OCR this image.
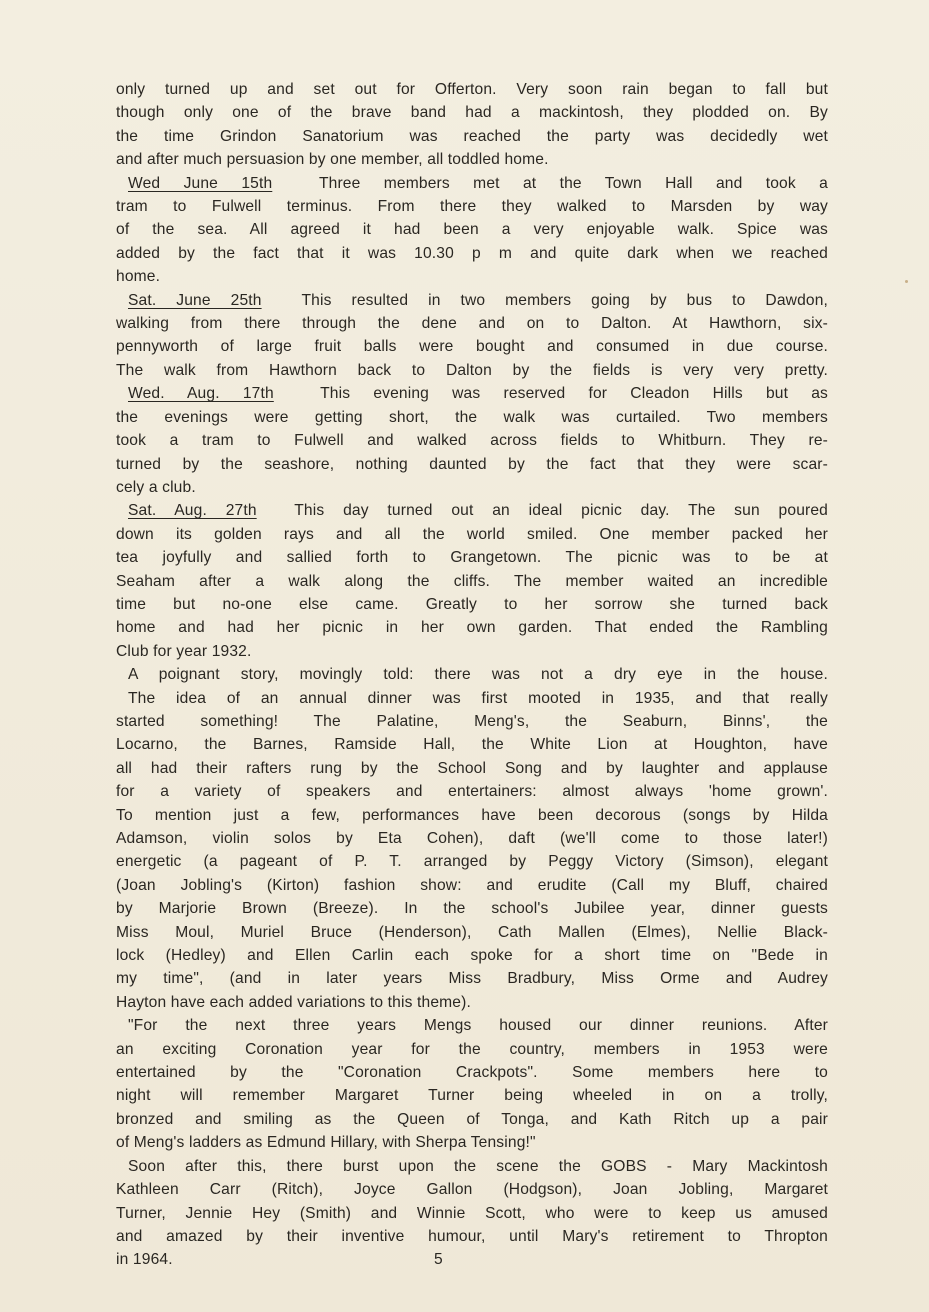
only turned up and set out for Offerton. Very soon rain began to fall but
though only one of the brave band had a mackintosh, they plodded on. By
the time Grindon Sanatorium was reached the party was decidedly wet
and after much persuasion by one member, all toddled home.
Wed June 15th	Three members met at the Town Hall and took a
tram to Fulwell terminus. From there they walked to Marsden by way
of the sea. All agreed it had been a very enjoyable walk. Spice was
added by the fact that it was 10.30 p m and quite dark when we reached
home.
Sat. June 25th	This resulted in two members going by bus to Dawdon,
walking from there through the dene and on to Dalton. At Hawthorn, six-
pennyworth of large fruit balls were bought and consumed in due course.
The walk from Hawthorn back to Dalton by the fields is very very pretty.
Wed. Aug. 17th	This evening was reserved for Cleadon Hills but as
the evenings were getting short, the walk was curtailed. Two members
took a tram to Fulwell and walked across fields to Whitburn. They re-
turned by the seashore, nothing daunted by the fact that they were scar-
cely a club.
Sat. Aug. 27th This day turned out an ideal picnic day. The sun poured
down its golden rays and all the world smiled. One member packed her
tea joyfully and sallied forth to Grangetown. The picnic was to be at
Seaham after a walk along the cliffs. The member waited an incredible
time but no-one else came. Greatly to her sorrow she turned back
home and had her picnic in her own garden. That ended the Rambling
Club for year 1932.
A poignant story, movingly told: there was not a dry eye in the house.
The idea of an annual dinner was first mooted in 1935, and that really
started something! The Palatine, Meng's, the Seaburn, Binns', the
Locarno, the Barnes, Ramside Hall, the White Lion at Houghton, have
all had their rafters rung by the School Song and by laughter and applause
for a variety of speakers and entertainers: almost always 'home grown'.
To mention just a few, performances have been decorous (songs by Hilda
Adamson, violin solos by Eta Cohen), daft (we'll come to those later!)
energetic (a pageant of P. T. arranged by Peggy Victory (Simson), elegant
(Joan Jobling's (Kirton) fashion show: and erudite (Call my Bluff, chaired
by Marjorie Brown (Breeze). In the school's Jubilee year, dinner guests
Miss Moul, Muriel Bruce (Henderson), Cath Mallen (Elmes), Nellie Black-
lock (Hedley) and Ellen Carlin each spoke for a short time on "Bede in
my time", (and in later years Miss Bradbury, Miss Orme and Audrey
Hayton have each added variations to this theme).
"For the next three years Mengs housed our dinner reunions. After
an exciting Coronation year for the country, members in 1953 were
entertained by the "Coronation Crackpots". Some members here to
night will remember Margaret Turner being wheeled in on a trolly,
bronzed and smiling as the Queen of Tonga, and Kath Ritch up a pair
of Meng's ladders as Edmund Hillary, with Sherpa Tensing!"
Soon after this, there burst upon the scene the GOBS - Mary Mackintosh
Kathleen Carr (Ritch), Joyce Gallon (Hodgson), Joan Jobling, Margaret
Turner, Jennie Hey (Smith) and Winnie Scott, who were to keep us amused
and amazed by their inventive humour, until Mary's retirement to Thropton
in 1964.	5
